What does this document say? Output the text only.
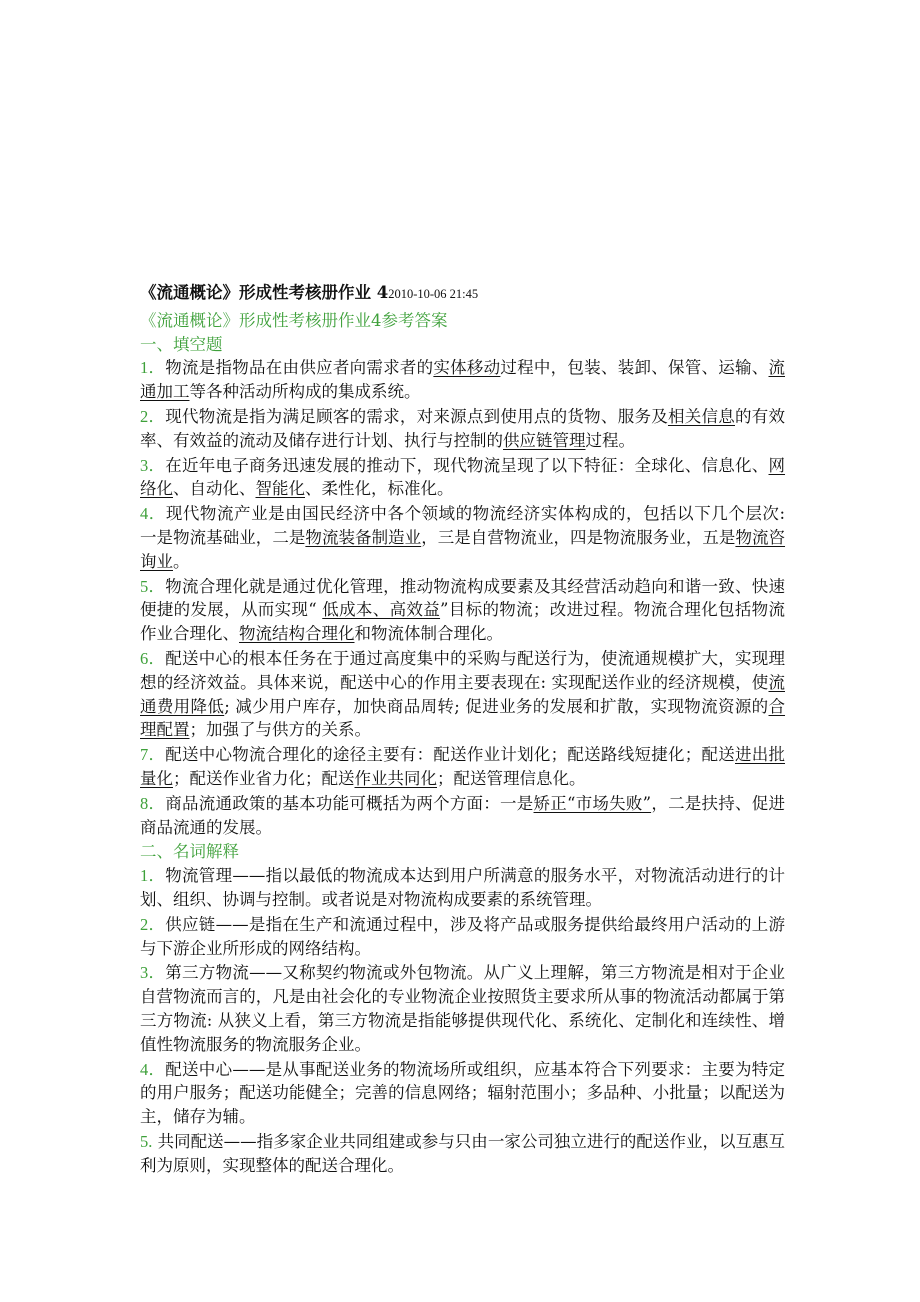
《流通概论》形成性考核册作业 42010-10-06 21:45
《流通概论》形成性考核册作业4参考答案
一、填空题
1．物流是指物品在由供应者向需求者的实体移动过程中，包装、装卸、保管、运输、流通加工等各种活动所构成的集成系统。
2．现代物流是指为满足顾客的需求，对来源点到使用点的货物、服务及相关信息的有效率、有效益的流动及储存进行计划、执行与控制的供应链管理过程。
3．在近年电子商务迅速发展的推动下，现代物流呈现了以下特征：全球化、信息化、网络化、自动化、智能化、柔性化，标准化。
4．现代物流产业是由国民经济中各个领域的物流经济实体构成的，包括以下几个层次: 一是物流基础业，二是物流装备制造业，三是自营物流业，四是物流服务业，五是物流咨询业。
5．物流合理化就是通过优化管理，推动物流构成要素及其经营活动趋向和谐一致、快速便捷的发展，从而实现“ 低成本、高效益”目标的物流；改进过程。物流合理化包括物流作业合理化、物流结构合理化和物流体制合理化。
6．配送中心的根本任务在于通过高度集中的采购与配送行为，使流通规模扩大，实现理想的经济效益。具体来说，配送中心的作用主要表现在: 实现配送作业的经济规模，使流通费用降低; 减少用户库存，加快商品周转; 促进业务的发展和扩散，实现物流资源的合理配置；加强了与供方的关系。
7．配送中心物流合理化的途径主要有：配送作业计划化；配送路线短捷化；配送进出批量化；配送作业省力化；配送作业共同化；配送管理信息化。
8．商品流通政策的基本功能可概括为两个方面：一是矫正“市场失败”，二是扶持、促进商品流通的发展。
二、名词解释
1．物流管理——指以最低的物流成本达到用户所满意的服务水平，对物流活动进行的计划、组织、协调与控制。或者说是对物流构成要素的系统管理。
2．供应链——是指在生产和流通过程中，涉及将产品或服务提供给最终用户活动的上游与下游企业所形成的网络结构。
3．第三方物流——又称契约物流或外包物流。从广义上理解，第三方物流是相对于企业自营物流而言的，凡是由社会化的专业物流企业按照货主要求所从事的物流活动都属于第三方物流: 从狭义上看，第三方物流是指能够提供现代化、系统化、定制化和连续性、增值性物流服务的物流服务企业。
4．配送中心——是从事配送业务的物流场所或组织，应基本符合下列要求：主要为特定的用户服务；配送功能健全；完善的信息网络；辐射范围小；多品种、小批量；以配送为主，储存为辅。
5. 共同配送——指多家企业共同组建或参与只由一家公司独立进行的配送作业，以互惠互利为原则，实现整体的配送合理化。
